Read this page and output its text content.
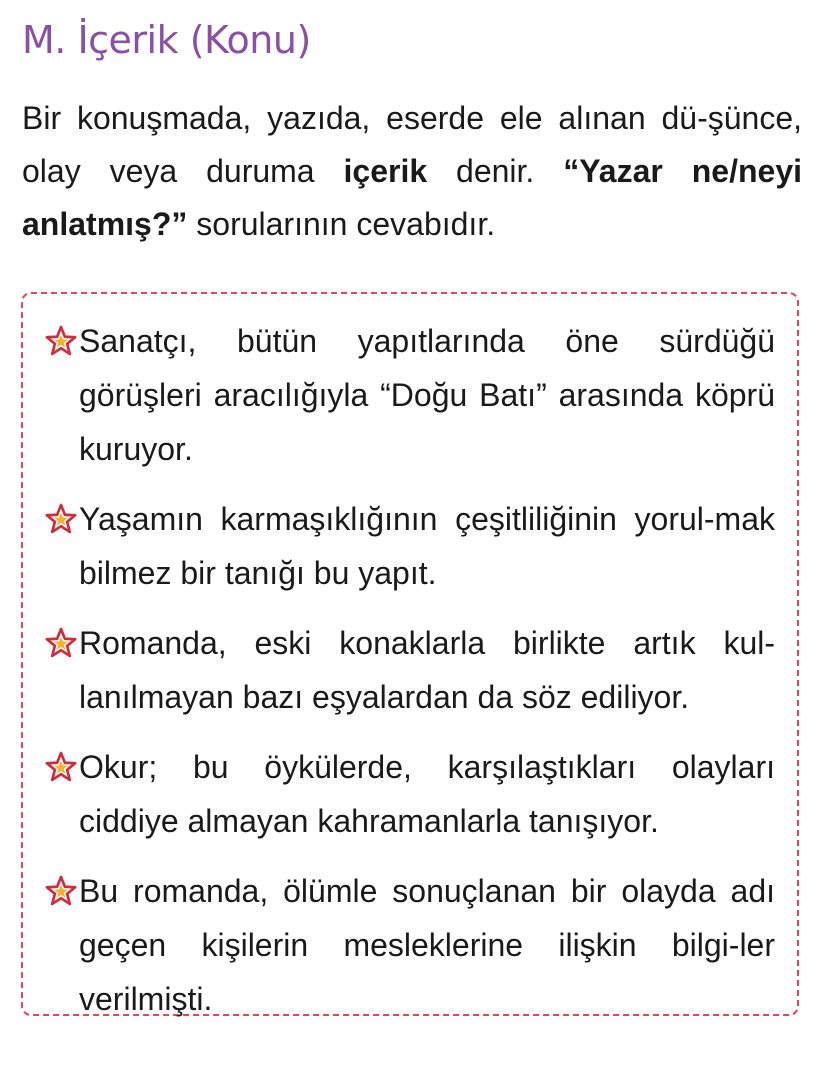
M. İçerik (Konu)

Bir konuşmada, yazıda, eserde ele alınan dü-şünce, olay veya duruma içerik denir. “Yazar ne/neyi anlatmış?” sorularının cevabıdır.

Sanatçı, bütün yapıtlarında öne sürdüğü görüşleri aracılığıyla “Doğu Batı” arasında köprü kuruyor.
Yaşamın karmaşıklığının çeşitliliğinin yorul-mak bilmez bir tanığı bu yapıt.
Romanda, eski konaklarla birlikte artık kul-lanılmayan bazı eşyalardan da söz ediliyor.
Okur; bu öykülerde, karşılaştıkları olayları ciddiye almayan kahramanlarla tanışıyor.
Bu romanda, ölümle sonuçlanan bir olayda adı geçen kişilerin mesleklerine ilişkin bilgi-ler verilmişti.
